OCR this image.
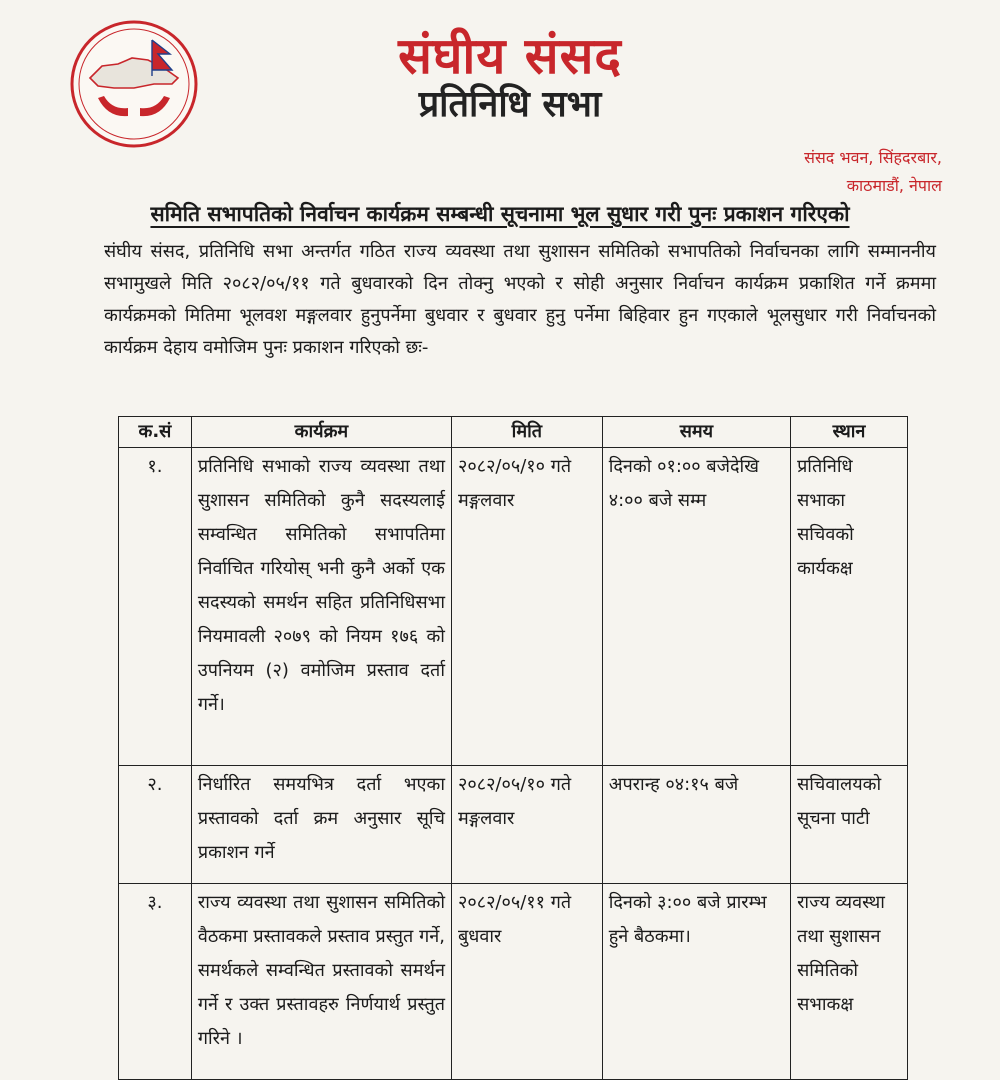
संघीय संसद
प्रतिनिधि सभा
संसद भवन, सिंहदरबार,
काठमाडौं, नेपाल
समिति सभापतिको निर्वाचन कार्यक्रम सम्बन्धी सूचनामा भूल सुधार गरी पुनः प्रकाशन गरिएको
संघीय संसद, प्रतिनिधि सभा अन्तर्गत गठित राज्य व्यवस्था तथा सुशासन समितिको सभापतिको निर्वाचनका लागि सम्माननीय सभामुखले मिति २०८२/०५/११ गते बुधवारको दिन तोक्नु भएको र सोही अनुसार निर्वाचन कार्यक्रम प्रकाशित गर्ने क्रममा कार्यक्रमको मितिमा भूलवश मङ्गलवार हुनुपर्नेमा बुधवार र बुधवार हुनु पर्नेमा बिहिवार हुन गएकाले भूलसुधार गरी निर्वाचनको कार्यक्रम देहाय वमोजिम पुनः प्रकाशन गरिएको छः-
क.सं	कार्यक्रम	मिति	समय	स्थान
१.	प्रतिनिधि सभाको राज्य व्यवस्था तथा सुशासन समितिको कुनै सदस्यलाई सम्वन्धित समितिको सभापतिमा निर्वाचित गरियोस् भनी कुनै अर्को एक सदस्यको समर्थन सहित प्रतिनिधिसभा नियमावली २०७९ को नियम १७६ को उपनियम (२) वमोजिम प्रस्ताव दर्ता गर्ने।	२०८२/०५/१० गते मङ्गलवार	दिनको ०१:०० बजेदेखि ४:०० बजे सम्म	प्रतिनिधि सभाका सचिवको कार्यकक्ष
२.	निर्धारित समयभित्र दर्ता भएका प्रस्तावको दर्ता क्रम अनुसार सूचि प्रकाशन गर्ने	२०८२/०५/१० गते मङ्गलवार	अपरान्ह ०४:१५ बजे	सचिवालयको सूचना पाटी
३.	राज्य व्यवस्था तथा सुशासन समितिको वैठकमा प्रस्तावकले प्रस्ताव प्रस्तुत गर्ने, समर्थकले सम्वन्धित प्रस्तावको समर्थन गर्ने र उक्त प्रस्तावहरु निर्णयार्थ प्रस्तुत गरिने ।	२०८२/०५/११ गते बुधवार	दिनको ३:०० बजे प्रारम्भ हुने बैठकमा।	राज्य व्यवस्था तथा सुशासन समितिको सभाकक्ष
